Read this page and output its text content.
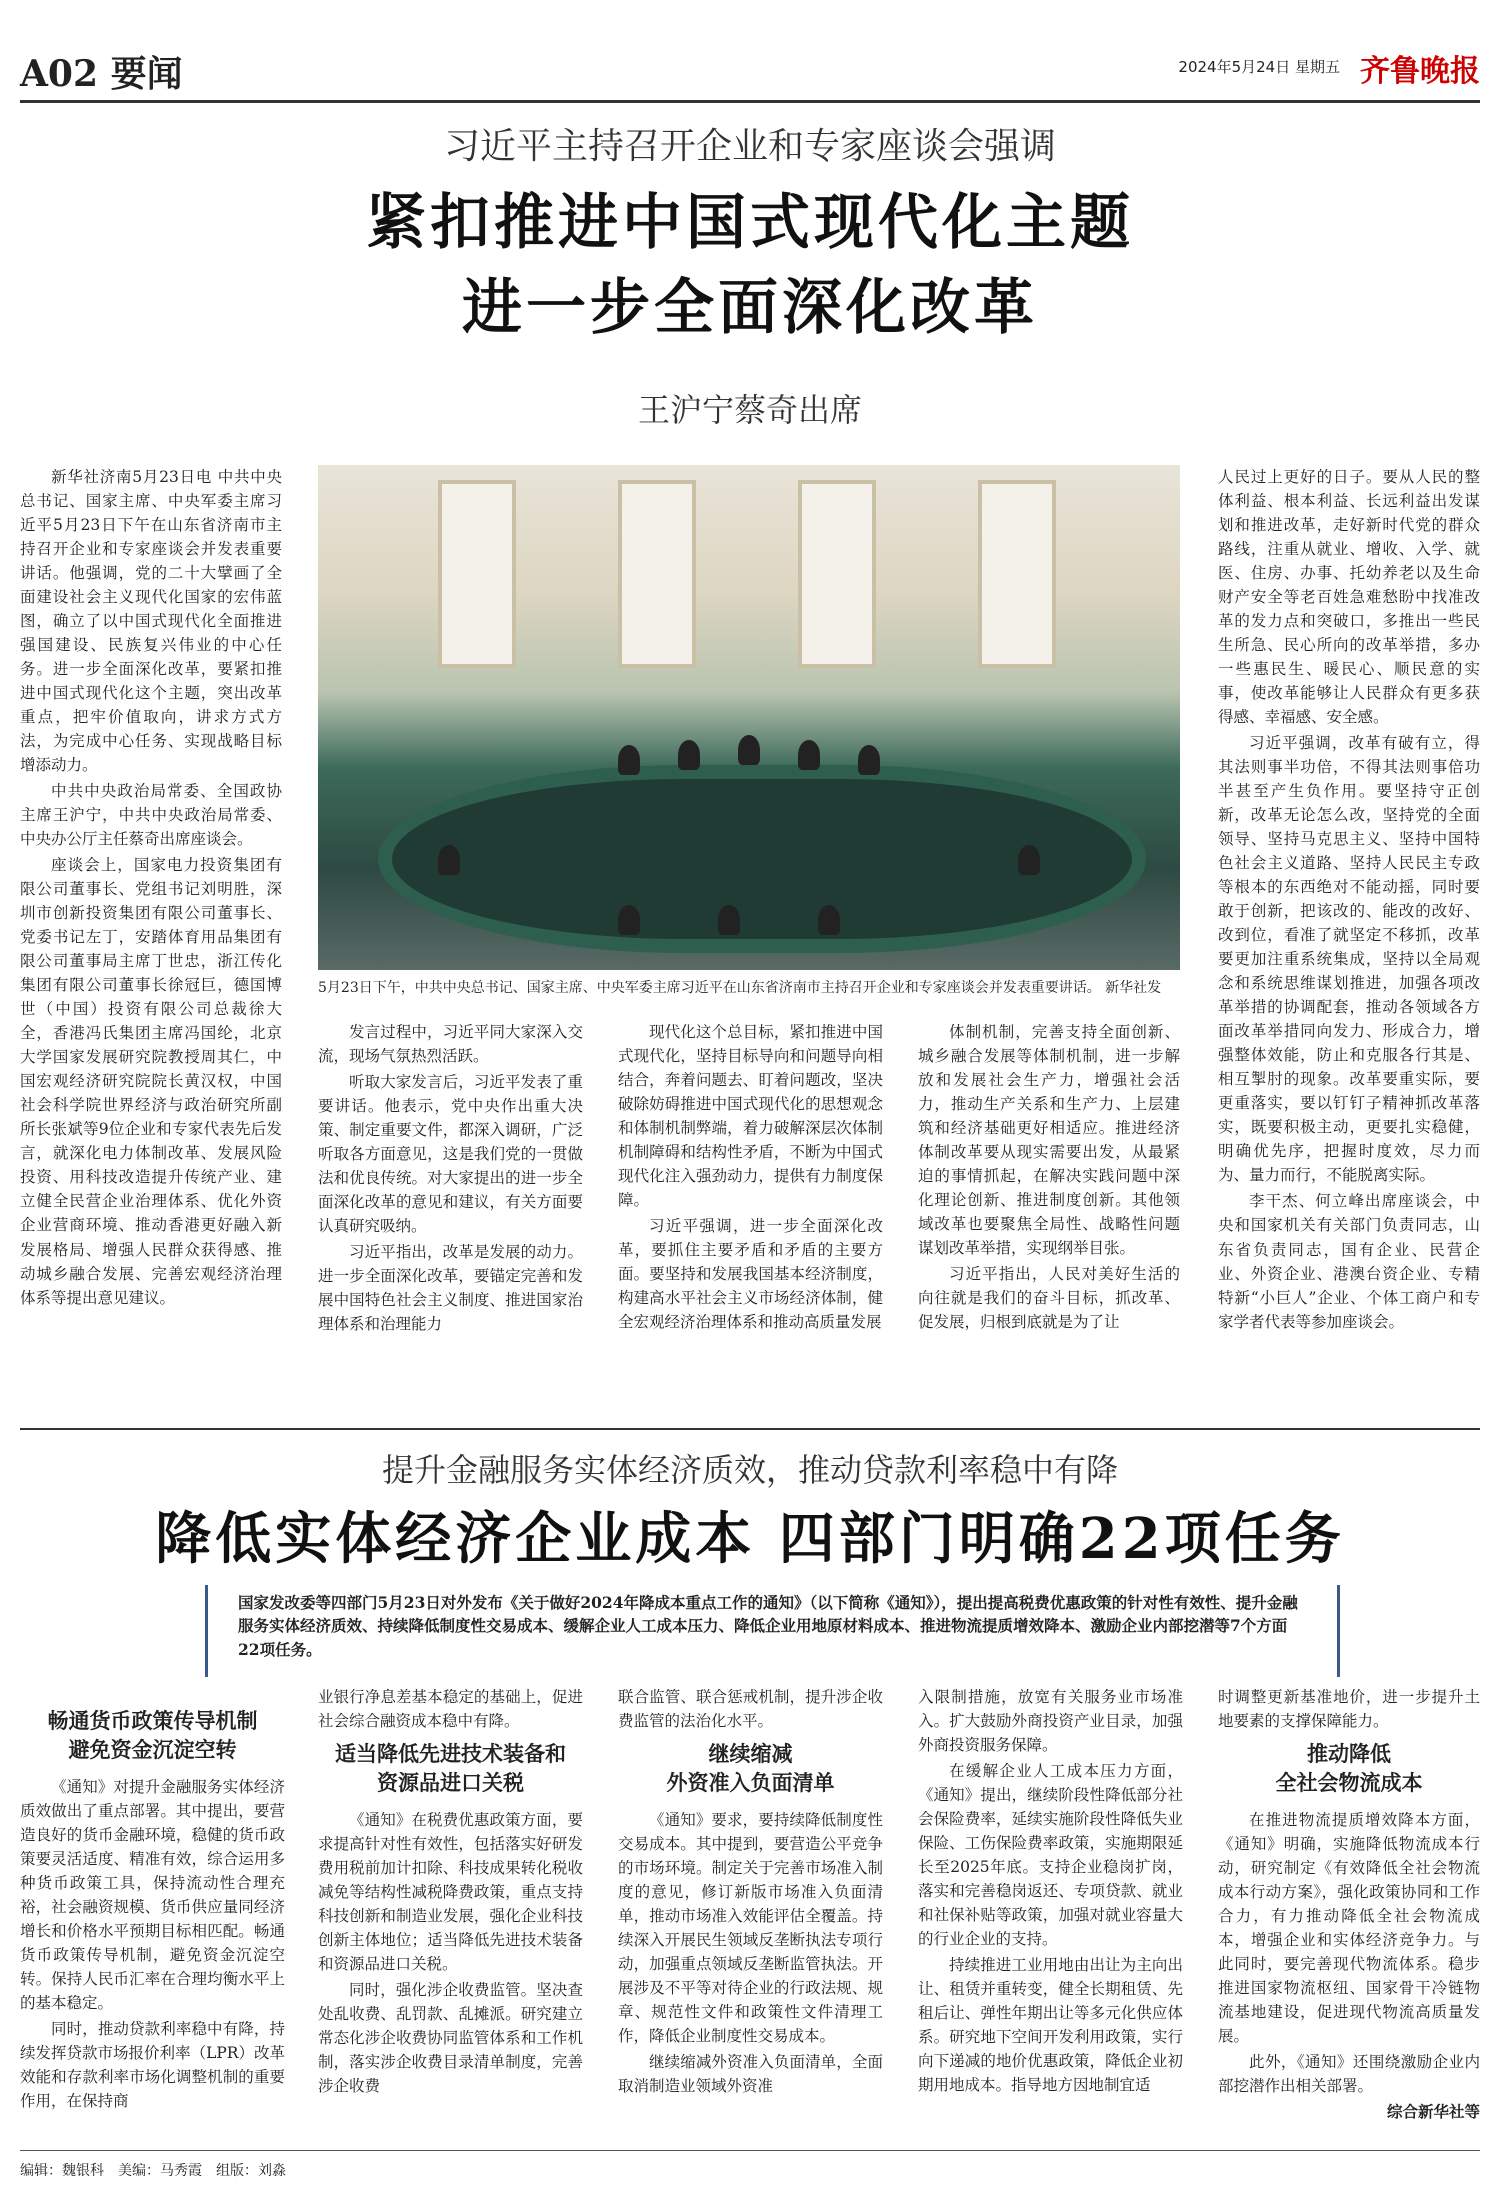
A02 要闻	2024年5月24日 星期五 齐鲁晚报
习近平主持召开企业和专家座谈会强调
紧扣推进中国式现代化主题
进一步全面深化改革
王沪宁蔡奇出席

新华社济南5月23日电 中共中央总书记、国家主席、中央军委主席习近平5月23日下午在山东省济南市主持召开企业和专家座谈会并发表重要讲话。他强调，党的二十大擘画了全面建设社会主义现代化国家的宏伟蓝图，确立了以中国式现代化全面推进强国建设、民族复兴伟业的中心任务。进一步全面深化改革，要紧扣推进中国式现代化这个主题，突出改革重点，把牢价值取向，讲求方式方法，为完成中心任务、实现战略目标增添动力。

中共中央政治局常委、全国政协主席王沪宁，中共中央政治局常委、中央办公厅主任蔡奇出席座谈会。

座谈会上，国家电力投资集团有限公司董事长、党组书记刘明胜，深圳市创新投资集团有限公司董事长、党委书记左丁，安踏体育用品集团有限公司董事局主席丁世忠，浙江传化集团有限公司董事长徐冠巨，德国博世（中国）投资有限公司总裁徐大全，香港冯氏集团主席冯国纶，北京大学国家发展研究院教授周其仁，中国宏观经济研究院院长黄汉权，中国社会科学院世界经济与政治研究所副所长张斌等9位企业和专家代表先后发言，就深化电力体制改革、发展风险投资、用科技改造提升传统产业、建立健全民营企业治理体系、优化外资企业营商环境、推动香港更好融入新发展格局、增强人民群众获得感、推动城乡融合发展、完善宏观经济治理体系等提出意见建议。

5月23日下午，中共中央总书记、国家主席、中央军委主席习近平在山东省济南市主持召开企业和专家座谈会并发表重要讲话。 新华社发

发言过程中，习近平同大家深入交流，现场气氛热烈活跃。

听取大家发言后，习近平发表了重要讲话。他表示，党中央作出重大决策、制定重要文件，都深入调研，广泛听取各方面意见，这是我们党的一贯做法和优良传统。对大家提出的进一步全面深化改革的意见和建议，有关方面要认真研究吸纳。

习近平指出，改革是发展的动力。进一步全面深化改革，要锚定完善和发展中国特色社会主义制度、推进国家治理体系和治理能力

现代化这个总目标，紧扣推进中国式现代化，坚持目标导向和问题导向相结合，奔着问题去、盯着问题改，坚决破除妨碍推进中国式现代化的思想观念和体制机制弊端，着力破解深层次体制机制障碍和结构性矛盾，不断为中国式现代化注入强劲动力，提供有力制度保障。

习近平强调，进一步全面深化改革，要抓住主要矛盾和矛盾的主要方面。要坚持和发展我国基本经济制度，构建高水平社会主义市场经济体制，健全宏观经济治理体系和推动高质量发展

体制机制，完善支持全面创新、城乡融合发展等体制机制，进一步解放和发展社会生产力，增强社会活力，推动生产关系和生产力、上层建筑和经济基础更好相适应。推进经济体制改革要从现实需要出发，从最紧迫的事情抓起，在解决实践问题中深化理论创新、推进制度创新。其他领域改革也要聚焦全局性、战略性问题谋划改革举措，实现纲举目张。

习近平指出，人民对美好生活的向往就是我们的奋斗目标，抓改革、促发展，归根到底就是为了让

人民过上更好的日子。要从人民的整体利益、根本利益、长远利益出发谋划和推进改革，走好新时代党的群众路线，注重从就业、增收、入学、就医、住房、办事、托幼养老以及生命财产安全等老百姓急难愁盼中找准改革的发力点和突破口，多推出一些民生所急、民心所向的改革举措，多办一些惠民生、暖民心、顺民意的实事，使改革能够让人民群众有更多获得感、幸福感、安全感。

习近平强调，改革有破有立，得其法则事半功倍，不得其法则事倍功半甚至产生负作用。要坚持守正创新，改革无论怎么改，坚持党的全面领导、坚持马克思主义、坚持中国特色社会主义道路、坚持人民民主专政等根本的东西绝对不能动摇，同时要敢于创新，把该改的、能改的改好、改到位，看准了就坚定不移抓，改革要更加注重系统集成，坚持以全局观念和系统思维谋划推进，加强各项改革举措的协调配套，推动各领域各方面改革举措同向发力、形成合力，增强整体效能，防止和克服各行其是、相互掣肘的现象。改革要重实际，要更重落实，要以钉钉子精神抓改革落实，既要积极主动，更要扎实稳健，明确优先序，把握时度效，尽力而为、量力而行，不能脱离实际。

李干杰、何立峰出席座谈会，中央和国家机关有关部门负责同志，山东省负责同志，国有企业、民营企业、外资企业、港澳台资企业、专精特新“小巨人”企业、个体工商户和专家学者代表等参加座谈会。

提升金融服务实体经济质效，推动贷款利率稳中有降
降低实体经济企业成本 四部门明确22项任务
国家发改委等四部门5月23日对外发布《关于做好2024年降成本重点工作的通知》（以下简称《通知》），提出提高税费优惠政策的针对性有效性、提升金融服务实体经济质效、持续降低制度性交易成本、缓解企业人工成本压力、降低企业用地原材料成本、推进物流提质增效降本、激励企业内部挖潜等7个方面22项任务。
畅通货币政策传导机制
避免资金沉淀空转

《通知》对提升金融服务实体经济质效做出了重点部署。其中提出，要营造良好的货币金融环境，稳健的货币政策要灵活适度、精准有效，综合运用多种货币政策工具，保持流动性合理充裕，社会融资规模、货币供应量同经济增长和价格水平预期目标相匹配。畅通货币政策传导机制，避免资金沉淀空转。保持人民币汇率在合理均衡水平上的基本稳定。

同时，推动贷款利率稳中有降，持续发挥贷款市场报价利率（LPR）改革效能和存款利率市场化调整机制的重要作用，在保持商

业银行净息差基本稳定的基础上，促进社会综合融资成本稳中有降。

适当降低先进技术装备和
资源品进口关税

《通知》在税费优惠政策方面，要求提高针对性有效性，包括落实好研发费用税前加计扣除、科技成果转化税收减免等结构性减税降费政策，重点支持科技创新和制造业发展，强化企业科技创新主体地位；适当降低先进技术装备和资源品进口关税。

同时，强化涉企收费监管。坚决查处乱收费、乱罚款、乱摊派。研究建立常态化涉企收费协同监管体系和工作机制，落实涉企收费目录清单制度，完善涉企收费

联合监管、联合惩戒机制，提升涉企收费监管的法治化水平。

继续缩减
外资准入负面清单

《通知》要求，要持续降低制度性交易成本。其中提到，要营造公平竞争的市场环境。制定关于完善市场准入制度的意见，修订新版市场准入负面清单，推动市场准入效能评估全覆盖。持续深入开展民生领域反垄断执法专项行动，加强重点领域反垄断监管执法。开展涉及不平等对待企业的行政法规、规章、规范性文件和政策性文件清理工作，降低企业制度性交易成本。

继续缩减外资准入负面清单，全面取消制造业领域外资准

入限制措施，放宽有关服务业市场准入。扩大鼓励外商投资产业目录，加强外商投资服务保障。

在缓解企业人工成本压力方面，《通知》提出，继续阶段性降低部分社会保险费率，延续实施阶段性降低失业保险、工伤保险费率政策，实施期限延长至2025年底。支持企业稳岗扩岗，落实和完善稳岗返还、专项贷款、就业和社保补贴等政策，加强对就业容量大的行业企业的支持。

持续推进工业用地由出让为主向出让、租赁并重转变，健全长期租赁、先租后让、弹性年期出让等多元化供应体系。研究地下空间开发利用政策，实行向下递减的地价优惠政策，降低企业初期用地成本。指导地方因地制宜适

时调整更新基准地价，进一步提升土地要素的支撑保障能力。

推动降低
全社会物流成本

在推进物流提质增效降本方面，《通知》明确，实施降低物流成本行动，研究制定《有效降低全社会物流成本行动方案》，强化政策协同和工作合力，有力推动降低全社会物流成本，增强企业和实体经济竞争力。与此同时，要完善现代物流体系。稳步推进国家物流枢纽、国家骨干冷链物流基地建设，促进现代物流高质量发展。

此外，《通知》还围绕激励企业内部挖潜作出相关部署。

综合新华社等

编辑：魏银科　美编：马秀霞　组版：刘淼
